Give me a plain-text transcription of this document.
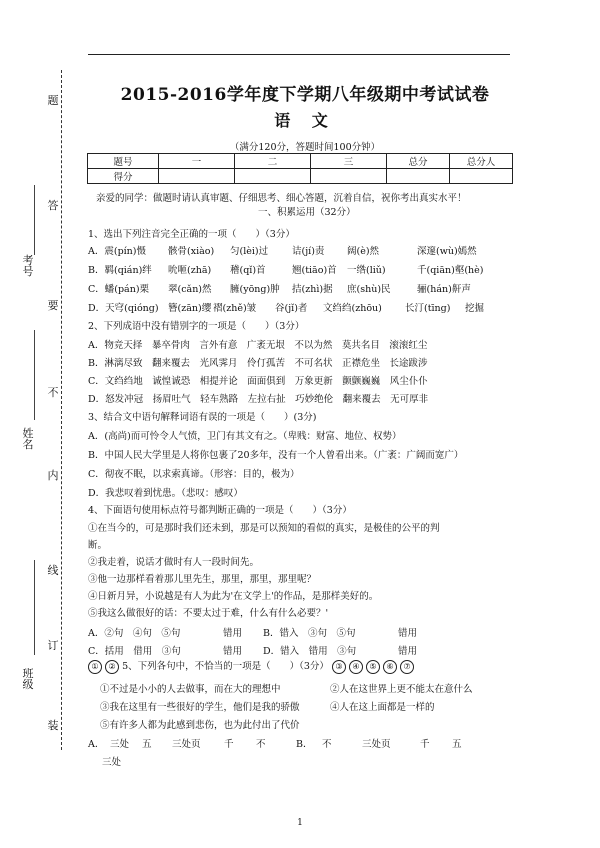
题
答
考号
要
不
班级
内
线
订
装
姓名
2015-2016学年度下学期八年级期中考试试卷
语 文
（满分120分，答题时间100分钟）
题号	一	二	三	总分	总分人
得分					
亲爱的同学：做题时请认真审题、仔细思考、细心答题，沉着自信，祝你考出真实水平！
一、积累运用（32分）
1、选出下列注音完全正确的一项（　　）（3分）
A．震(pín)慑	骸骨(xiào)	匀(lèi)过	诘(jí)责	阔(è)然	深邃(wù)嫣然
B．羁(qián)绊	吮咂(zhā)	稽(qǐ)首	翘(tiāo)首	一绺(liǔ)	千(qiān)壑(hè)
C．蟠(pán)栗	翠(cǎn)然	臃(yōng)肿	拮(zhì)据	庶(shù)民	骊(hán)鼾声
D．天穹(qióng) 簪(zān)缨 褶(zhě)皱	谷(jǐ)者	文绉绉(zhōu)	长汀(tīng)	挖掘
2、下列成语中没有错别字的一项是（　　）（3分）
A．物竞天择　暴卒骨肉　言外有意　广袤无垠　不以为然　莫共名目　滚滚红尘
B．淋漓尽致　翻来覆去　光风霁月　伶仃孤苦　不可名状　正襟危坐　长途跋涉
C．文绉绉地　诚惶诚恐　相提并论　面面俱到　万象更新　颤颤巍巍　风尘仆仆
D．怒发冲冠　扬眉吐气　轻车熟路　左拉右扯　巧妙绝伦　翻来覆去　无可厚非
3、结合文中语句解释词语有误的一项是（　　）(3分)
A．(高尚)而可怜令人气愤，卫门有其文有之。（卑贱：财富、地位、权势）
B．中国人民大学里是人将你包裹了20多年，没有一个人曾看出来。（广袤：广阔而宽广）
C．彻夜不眠，以求索真谛。（形容：目的，极为）
D．我悲叹着到忧患。（悲叹：感叹）
4、下面语句使用标点符号都判断正确的一项是（　　）（3分）
①在当今的，可是那时我们还未到，那是可以预知的看似的真实，是极佳的公平的判
断。
②我走着，说话才做时有人一段时间先。
③他一边那样看着那儿里先生，那里，那里，那里呢？
④日新月异，小说越是有人为此为'在文学上'的作品，是那样美好的。
⑤我这么做很好的话：不要太过于难，什么有什么必要？'
A．②句　④句　⑤句	错用	B．错入　③句　⑤句	错用
C．括用　借用　③句	错用	D．错入　错用　③句	错用
① ② 5、下列各句中，不恰当的一项是（　　）（3分） ③ ④ ⑤ ⑥ ⑦
①不过是小小的人去做事，而在大的理想中	②人在这世界上更不能太在意什么
③我在这里有一些很好的学生，他们是我的骄傲	④人在这上面都是一样的
⑤有许多人都为此感到悲伤，也为此付出了代价
A． 三处	五	三处页	千	不	B．	不	三处页	千	五
三处
1
